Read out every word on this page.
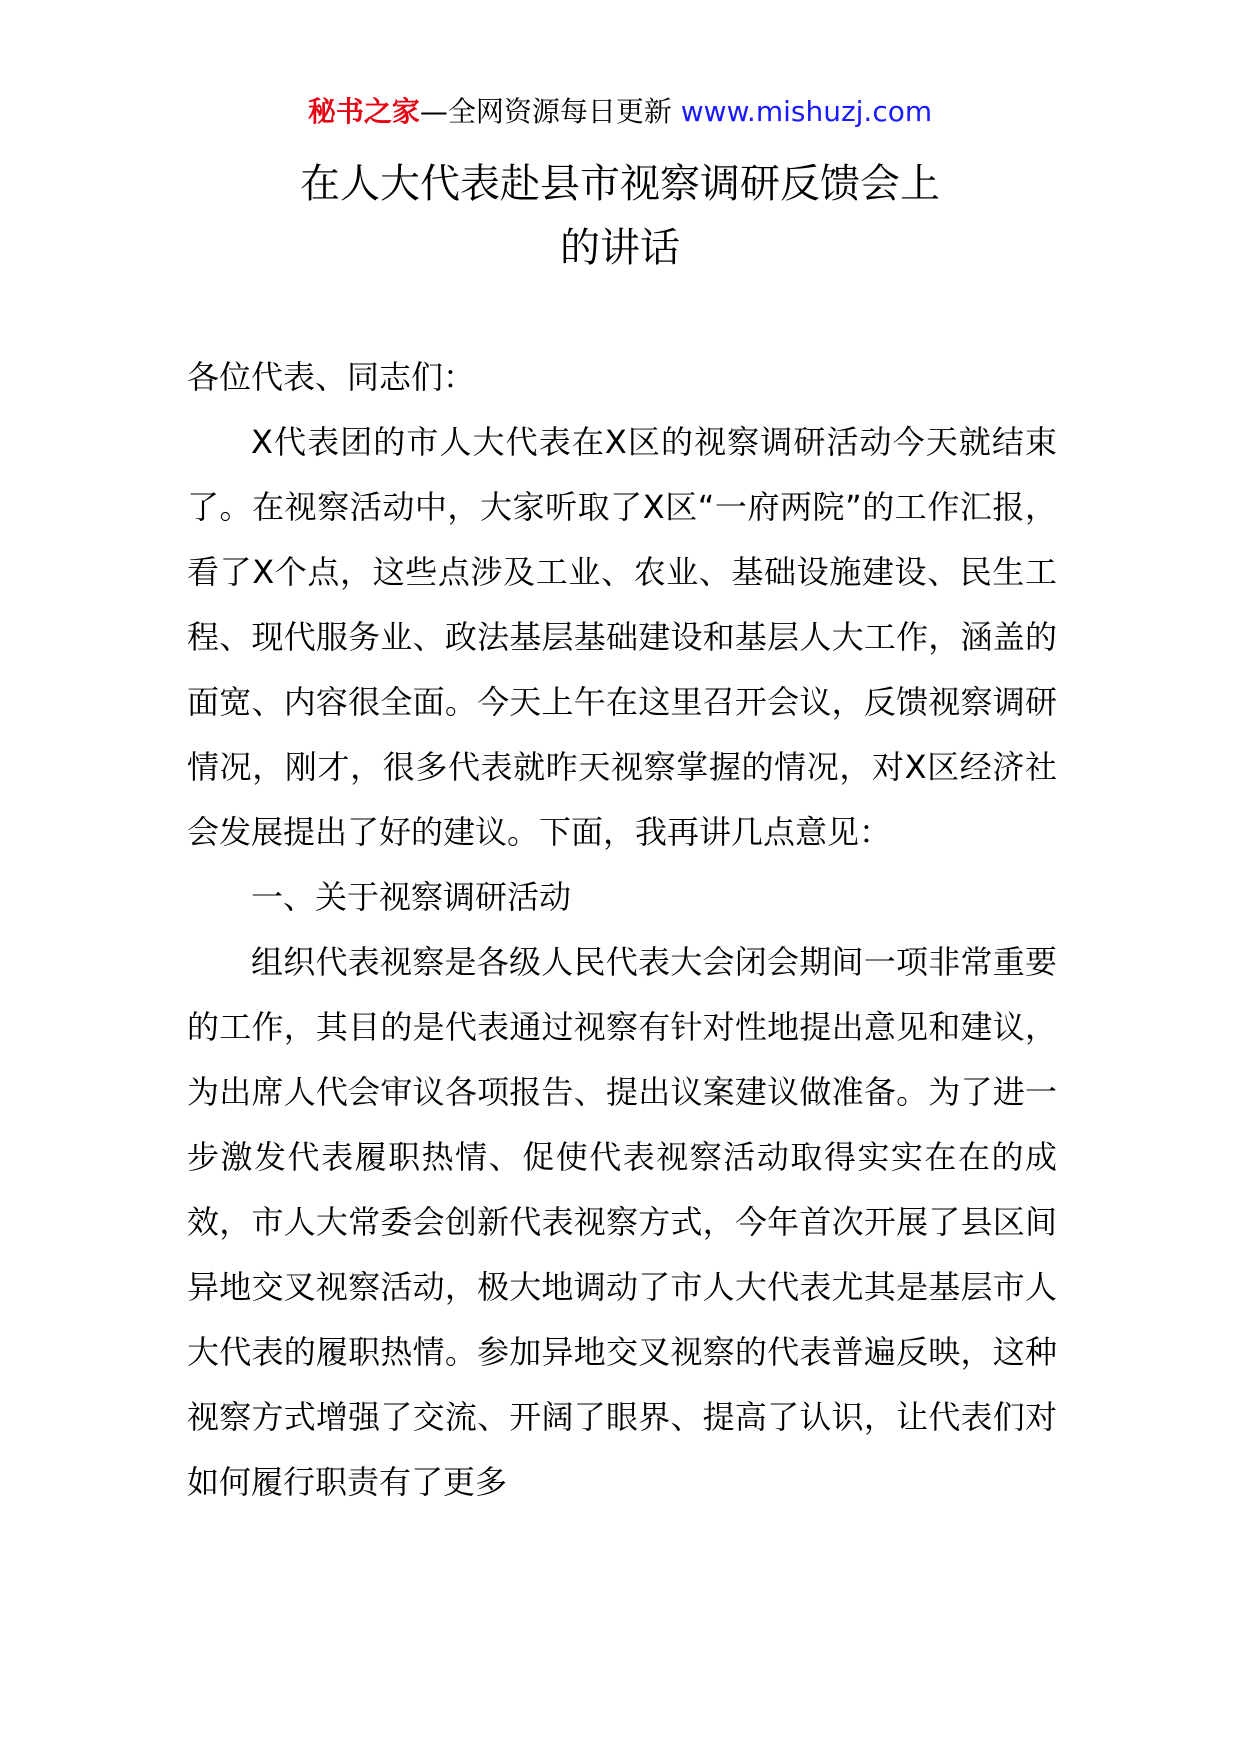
秘书之家—全网资源每日更新 www.mishuzj.com
在人大代表赴县市视察调研反馈会上
的讲话

各位代表、同志们：

X代表团的市人大代表在X区的视察调研活动今天就结束了。在视察活动中，大家听取了X区“一府两院”的工作汇报，看了X个点，这些点涉及工业、农业、基础设施建设、民生工程、现代服务业、政法基层基础建设和基层人大工作，涵盖的面宽、内容很全面。今天上午在这里召开会议，反馈视察调研情况，刚才，很多代表就昨天视察掌握的情况，对X区经济社会发展提出了好的建议。下面，我再讲几点意见：

一、关于视察调研活动

组织代表视察是各级人民代表大会闭会期间一项非常重要的工作，其目的是代表通过视察有针对性地提出意见和建议，为出席人代会审议各项报告、提出议案建议做准备。为了进一步激发代表履职热情、促使代表视察活动取得实实在在的成效，市人大常委会创新代表视察方式，今年首次开展了县区间异地交叉视察活动，极大地调动了市人大代表尤其是基层市人大代表的履职热情。参加异地交叉视察的代表普遍反映，这种视察方式增强了交流、开阔了眼界、提高了认识，让代表们对如何履行职责有了更多
